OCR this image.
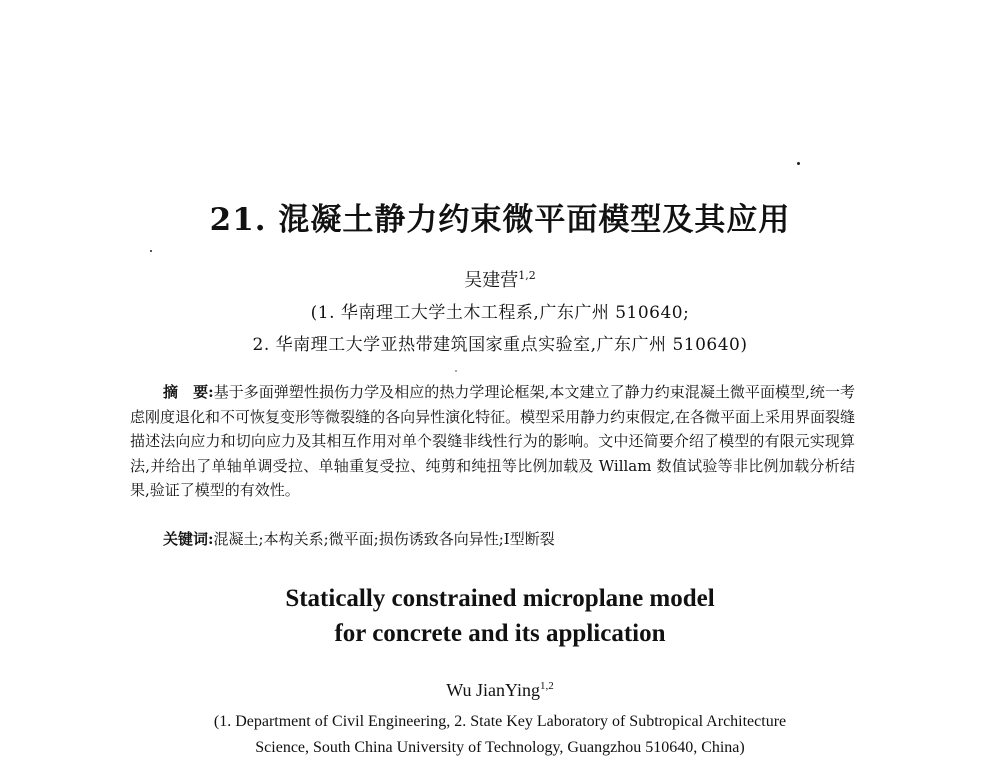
21. 混凝土静力约束微平面模型及其应用
吴建营$^{1,2}$
(1. 华南理工大学土木工程系,广东广州 510640;
2. 华南理工大学亚热带建筑国家重点实验室,广东广州 510640)
摘　要:基于多面弹塑性损伤力学及相应的热力学理论框架,本文建立了静力约束混凝土微平面模型,统一考虑刚度退化和不可恢复变形等微裂缝的各向异性演化特征。模型采用静力约束假定,在各微平面上采用界面裂缝描述法向应力和切向应力及其相互作用对单个裂缝非线性行为的影响。文中还简要介绍了模型的有限元实现算法,并给出了单轴单调受拉、单轴重复受拉、纯剪和纯扭等比例加载及 Willam 数值试验等非比例加载分析结果,验证了模型的有效性。
关键词:混凝土;本构关系;微平面;损伤诱致各向异性;Ⅰ型断裂
Statically constrained microplane model
for concrete and its application
Wu JianYing$^{1,2}$
(1. Department of Civil Engineering, 2. State Key Laboratory of Subtropical Architecture
Science, South China University of Technology, Guangzhou 510640, China)
